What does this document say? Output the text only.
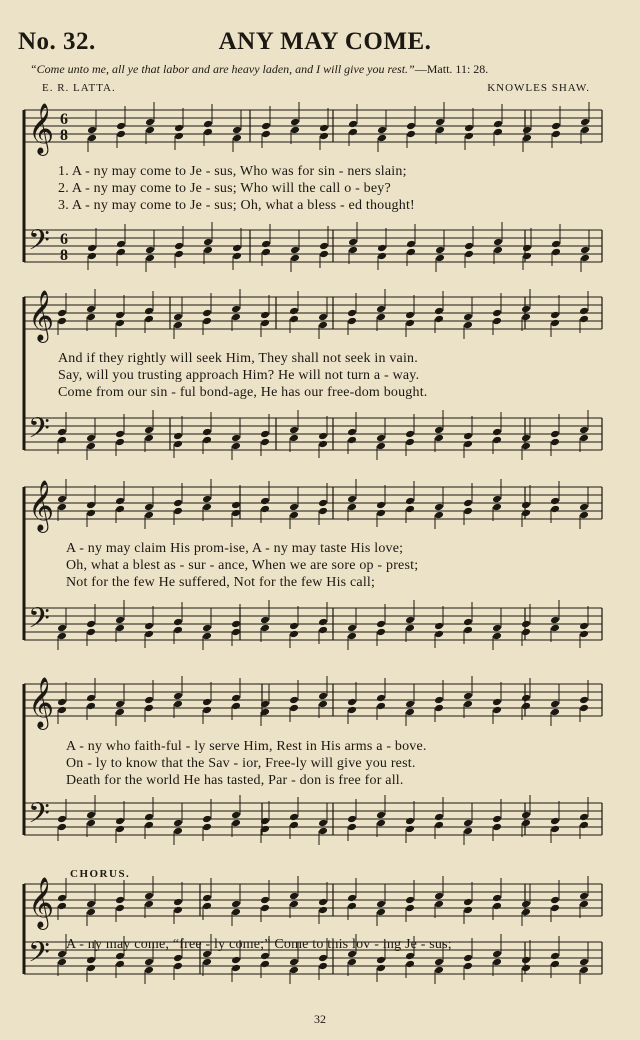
No. 32.	ANY MAY COME.
“Come unto me, all ye that labor and are heavy laden, and I will give you rest.”—Matt. 11: 28.
E. R. LATTA.	KNOWLES SHAW.
𝄞
𝄢
6
8
6
8
𝄞
𝄢
𝄞
𝄢
𝄞
𝄢
𝄞
𝄢
1. A - ny may come to Je - sus, Who was for sin - ners slain;
2. A - ny may come to Je - sus; Who will the call o - bey?
3. A - ny may come to Je - sus; Oh, what a bless - ed thought!
And if they rightly will seek Him, They shall not seek in vain.
Say, will you trusting approach Him? He will not turn a - way.
Come from our sin - ful bond-age, He has our free-dom bought.
A - ny may claim His prom-ise, A - ny may taste His love;
Oh, what a blest as - sur - ance, When we are sore op - prest;
Not for the few He suffered, Not for the few His call;
A - ny who faith-ful - ly serve Him, Rest in His arms a - bove.
On - ly to know that the Sav - ior, Free-ly will give you rest.
Death for the world He has tasted, Par - don is free for all.
CHORUS.
A - ny may come, “free - ly come;” Come to this lov - ing Je - sus;
32
